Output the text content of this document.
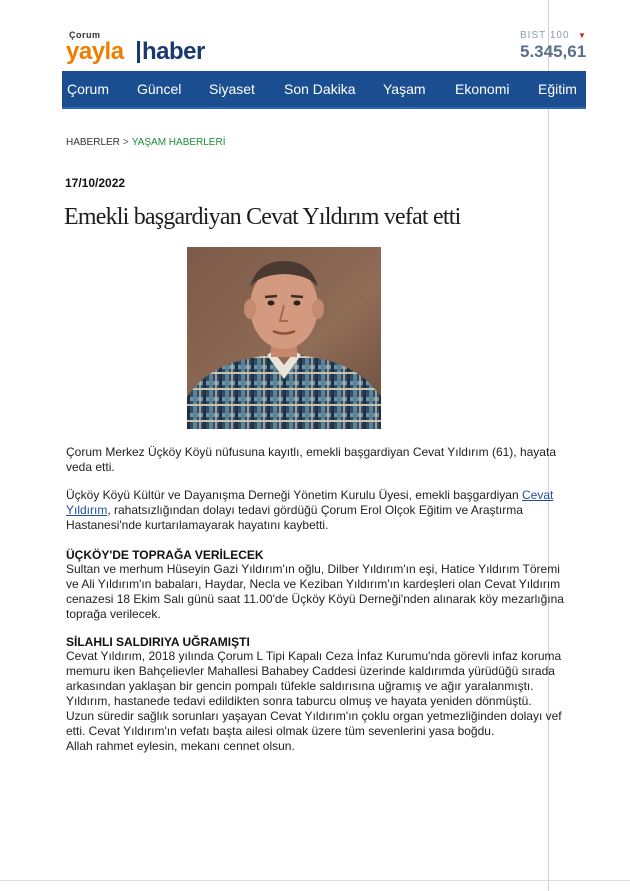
Çorum
yayla haber
BIST 100 ▼
5.345,61
Çorum Güncel Siyaset Son Dakika Yaşam Ekonomi Eğitim
HABERLER > YAŞAM HABERLERİ
17/10/2022
Emekli başgardiyan Cevat Yıldırım vefat etti
Çorum Merkez Üçköy Köyü nüfusuna kayıtlı, emekli başgardiyan Cevat Yıldırım (61), hayata
veda etti.
Üçköy Köyü Kültür ve Dayanışma Derneği Yönetim Kurulu Üyesi, emekli başgardiyan Cevat
Yıldırım, rahatsızlığından dolayı tedavi gördüğü Çorum Erol Olçok Eğitim ve Araştırma
Hastanesi'nde kurtarılamayarak hayatını kaybetti.
ÜÇKÖY'DE TOPRAĞA VERİLECEK
Sultan ve merhum Hüseyin Gazi Yıldırım'ın oğlu, Dilber Yıldırım'ın eşi, Hatice Yıldırım Töremi
ve Ali Yıldırım'ın babaları, Haydar, Necla ve Keziban Yıldırım'ın kardeşleri olan Cevat Yıldırım
cenazesi 18 Ekim Salı günü saat 11.00'de Üçköy Köyü Derneği'nden alınarak köy mezarlığına
toprağa verilecek.
SİLAHLI SALDIRIYA UĞRAMIŞTI
Cevat Yıldırım, 2018 yılında Çorum L Tipi Kapalı Ceza İnfaz Kurumu'nda görevli infaz koruma
memuru iken Bahçelievler Mahallesi Bahabey Caddesi üzerinde kaldırımda yürüdüğü sırada
arkasından yaklaşan bir gencin pompalı tüfekle saldırısına uğramış ve ağır yaralanmıştı.
Yıldırım, hastanede tedavi edildikten sonra taburcu olmuş ve hayata yeniden dönmüştü.
Uzun süredir sağlık sorunları yaşayan Cevat Yıldırım'ın çoklu organ yetmezliğinden dolayı vef
etti. Cevat Yıldırım'ın vefatı başta ailesi olmak üzere tüm sevenlerini yasa boğdu.
Allah rahmet eylesin, mekanı cennet olsun.
